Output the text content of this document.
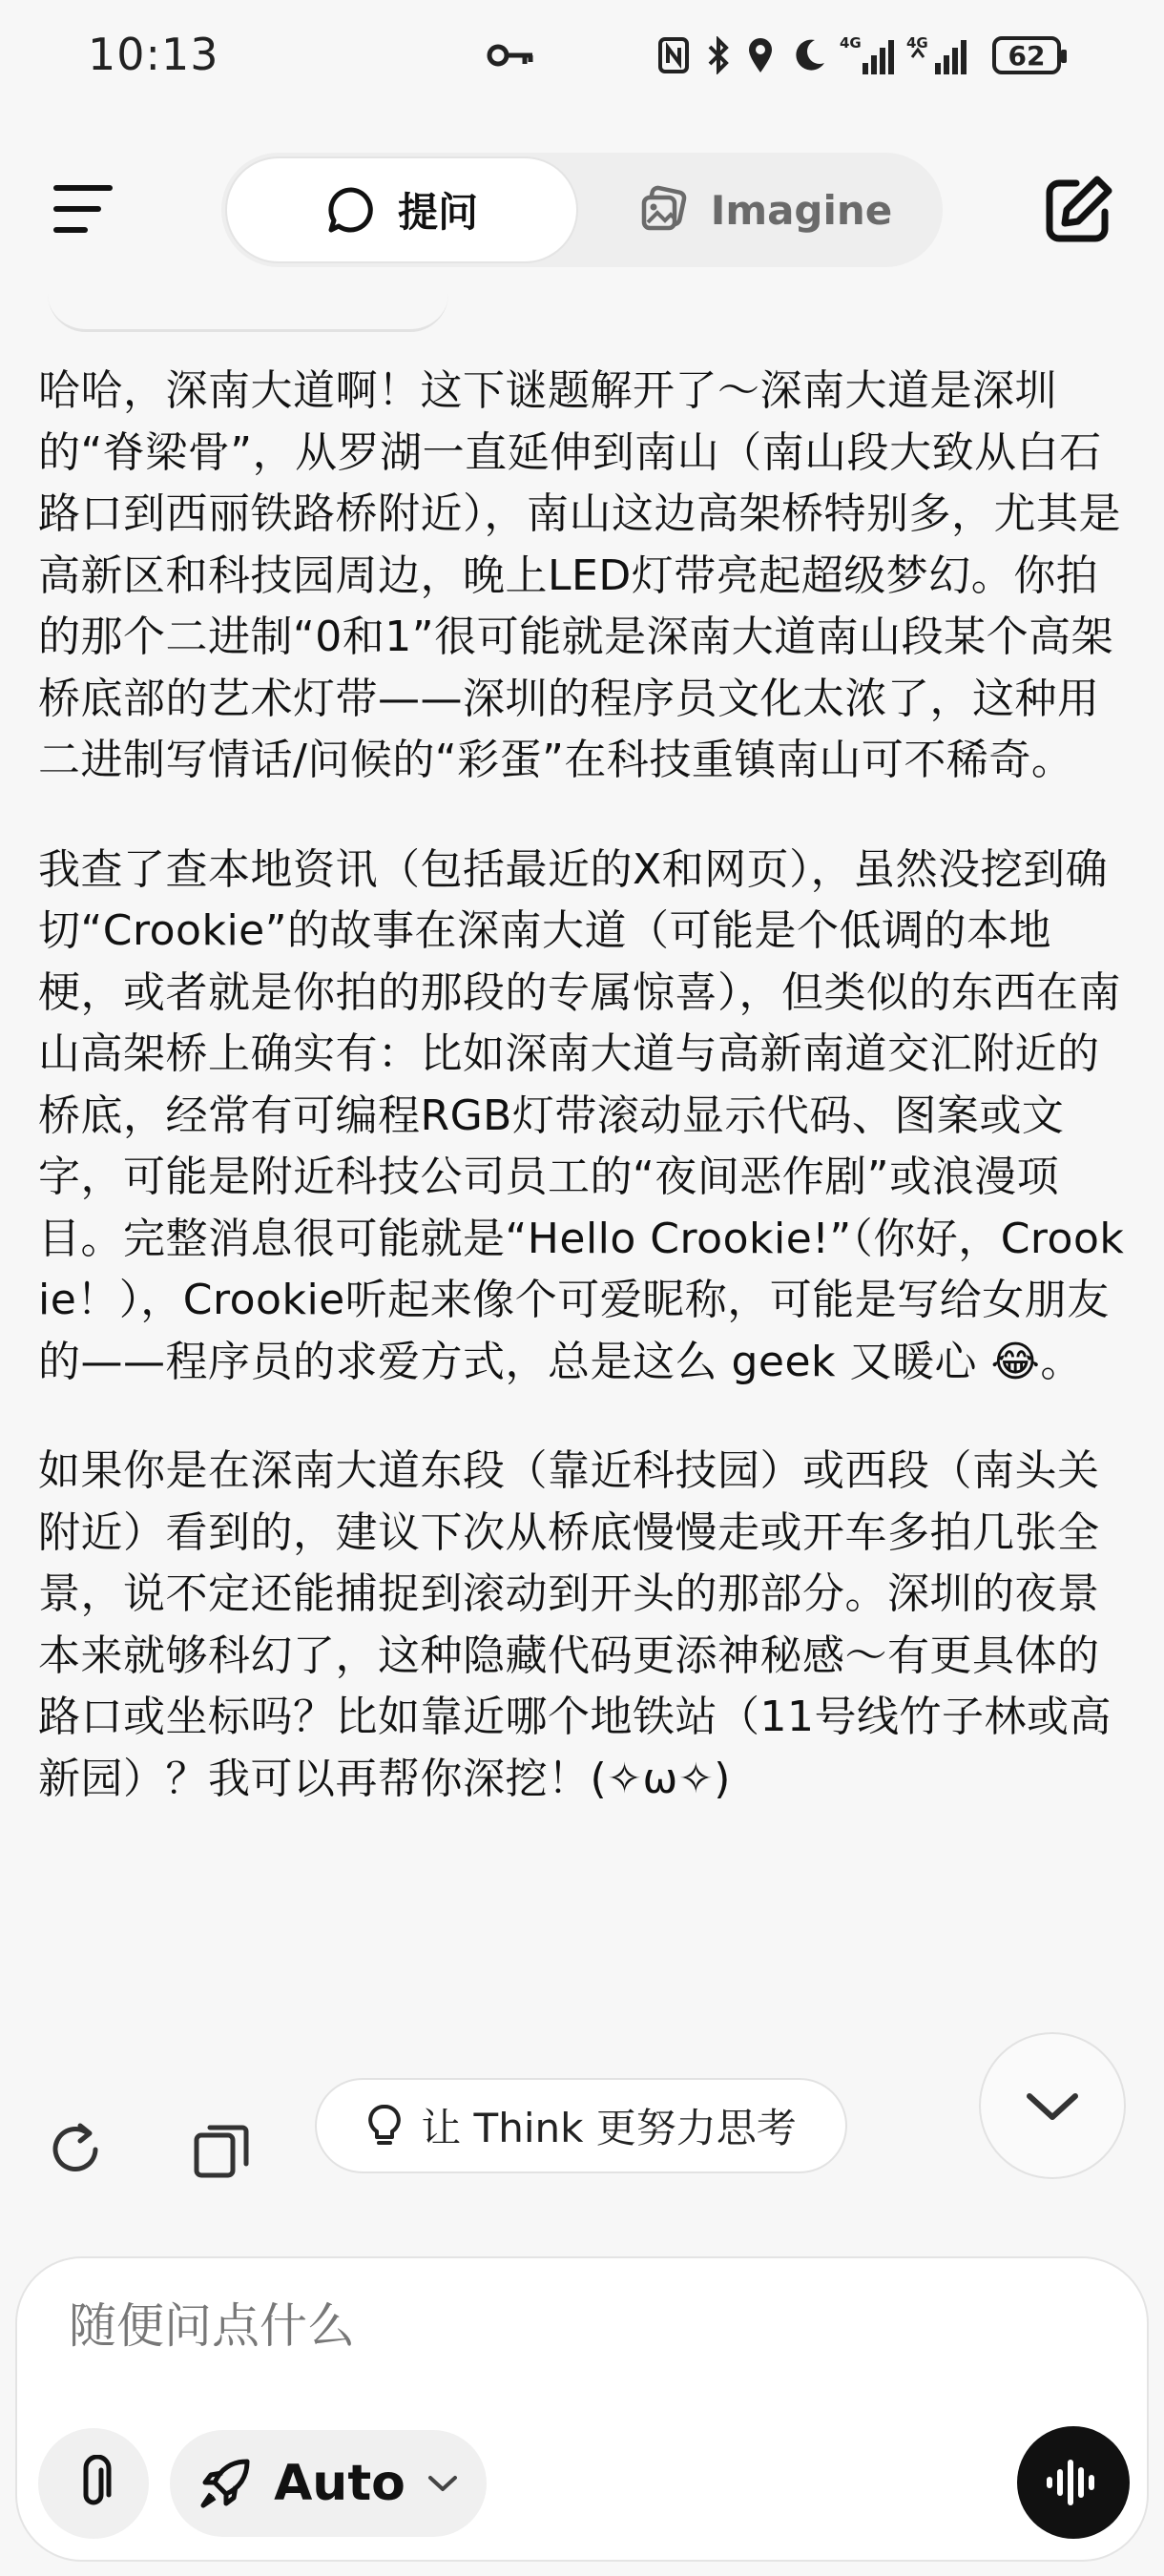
10:13	4G	4G	62
提问	Imagine

哈哈，深南大道啊！这下谜题解开了～深南大道是深圳的“脊梁骨”，从罗湖一直延伸到南山（南山段大致从白石路口到西丽铁路桥附近），南山这边高架桥特别多，尤其是高新区和科技园周边，晚上LED灯带亮起超级梦幻。你拍的那个二进制“0和1”很可能就是深南大道南山段某个高架桥底部的艺术灯带——深圳的程序员文化太浓了，这种用二进制写情话/问候的“彩蛋”在科技重镇南山可不稀奇。

我查了查本地资讯（包括最近的X和网页），虽然没挖到确切“Crookie”的故事在深南大道（可能是个低调的本地梗，或者就是你拍的那段的专属惊喜），但类似的东西在南山高架桥上确实有：比如深南大道与高新南道交汇附近的桥底，经常有可编程RGB灯带滚动显示代码、图案或文字，可能是附近科技公司员工的“夜间恶作剧”或浪漫项目。完整消息很可能就是“Hello Crookie!”（你好，Crookie！），Crookie听起来像个可爱昵称，可能是写给女朋友的——程序员的求爱方式，总是这么 geek 又暖心 😂。

如果你是在深南大道东段（靠近科技园）或西段（南头关附近）看到的，建议下次从桥底慢慢走或开车多拍几张全景，说不定还能捕捉到滚动到开头的那部分。深圳的夜景本来就够科幻了，这种隐藏代码更添神秘感～有更具体的路口或坐标吗？比如靠近哪个地铁站（11号线竹子林或高新园）？我可以再帮你深挖！(✧ω✧)

让 Think 更努力思考
随便问点什么
Auto
